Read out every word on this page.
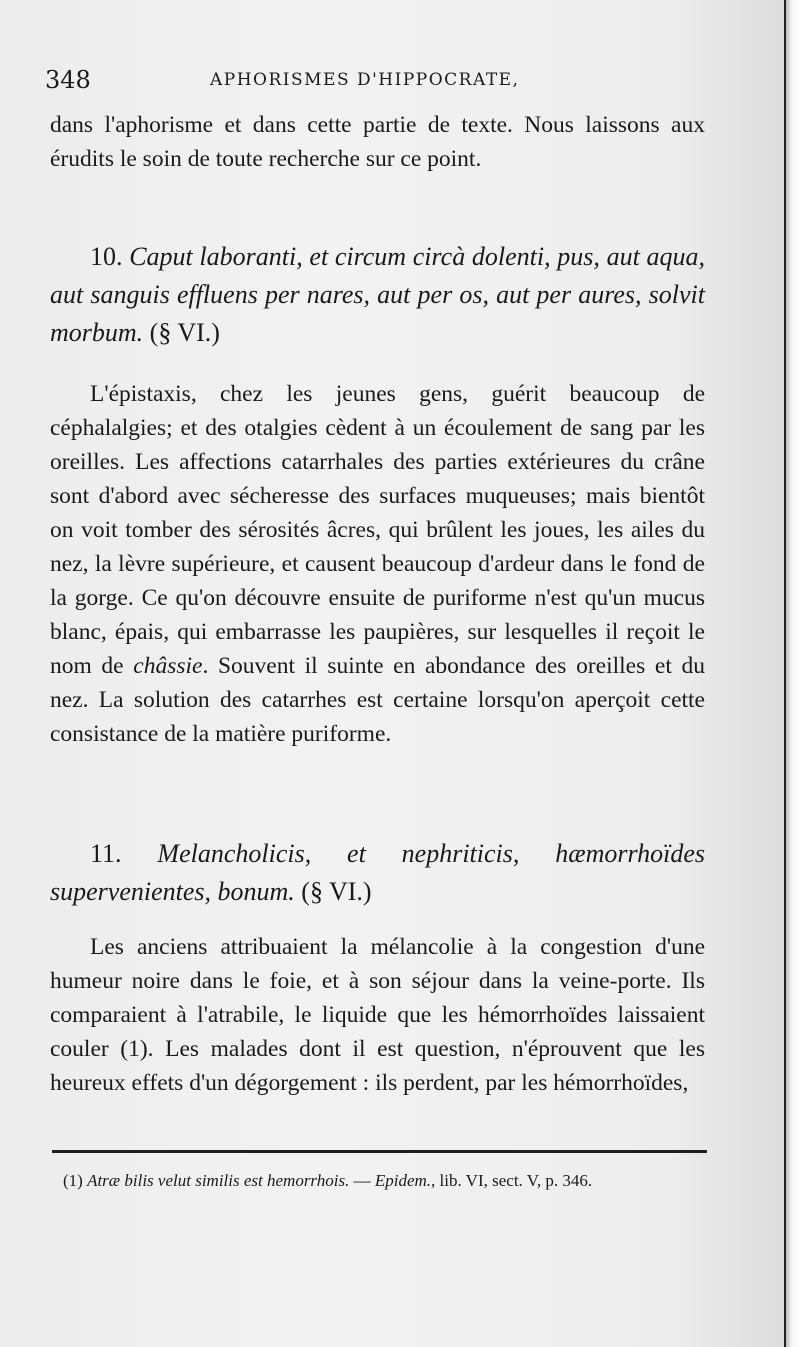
348	APHORISMES D'HIPPOCRATE,

dans l'aphorisme et dans cette partie de texte. Nous laissons aux érudits le soin de toute recherche sur ce point.

10. Caput laboranti, et circum circà dolenti, pus, aut aqua, aut sanguis effluens per nares, aut per os, aut per aures, solvit morbum. (§ VI.)

L'épistaxis, chez les jeunes gens, guérit beaucoup de céphalalgies; et des otalgies cèdent à un écoulement de sang par les oreilles. Les affections catarrhales des parties extérieures du crâne sont d'abord avec sécheresse des surfaces muqueuses; mais bientôt on voit tomber des sérosités âcres, qui brûlent les joues, les ailes du nez, la lèvre supérieure, et causent beaucoup d'ardeur dans le fond de la gorge. Ce qu'on découvre ensuite de puriforme n'est qu'un mucus blanc, épais, qui embarrasse les paupières, sur lesquelles il reçoit le nom de châssie. Souvent il suinte en abondance des oreilles et du nez. La solution des catarrhes est certaine lorsqu'on aperçoit cette consistance de la matière puriforme.

11. Melancholicis, et nephriticis, hæmorrhoïdes supervenientes, bonum. (§ VI.)

Les anciens attribuaient la mélancolie à la congestion d'une humeur noire dans le foie, et à son séjour dans la veine-porte. Ils comparaient à l'atrabile, le liquide que les hémorrhoïdes laissaient couler (1). Les malades dont il est question, n'éprouvent que les heureux effets d'un dégorgement : ils perdent, par les hémorrhoïdes,

(1) Atræ bilis velut similis est hemorrhois. — Epidem., lib. VI, sect. V, p. 346.
